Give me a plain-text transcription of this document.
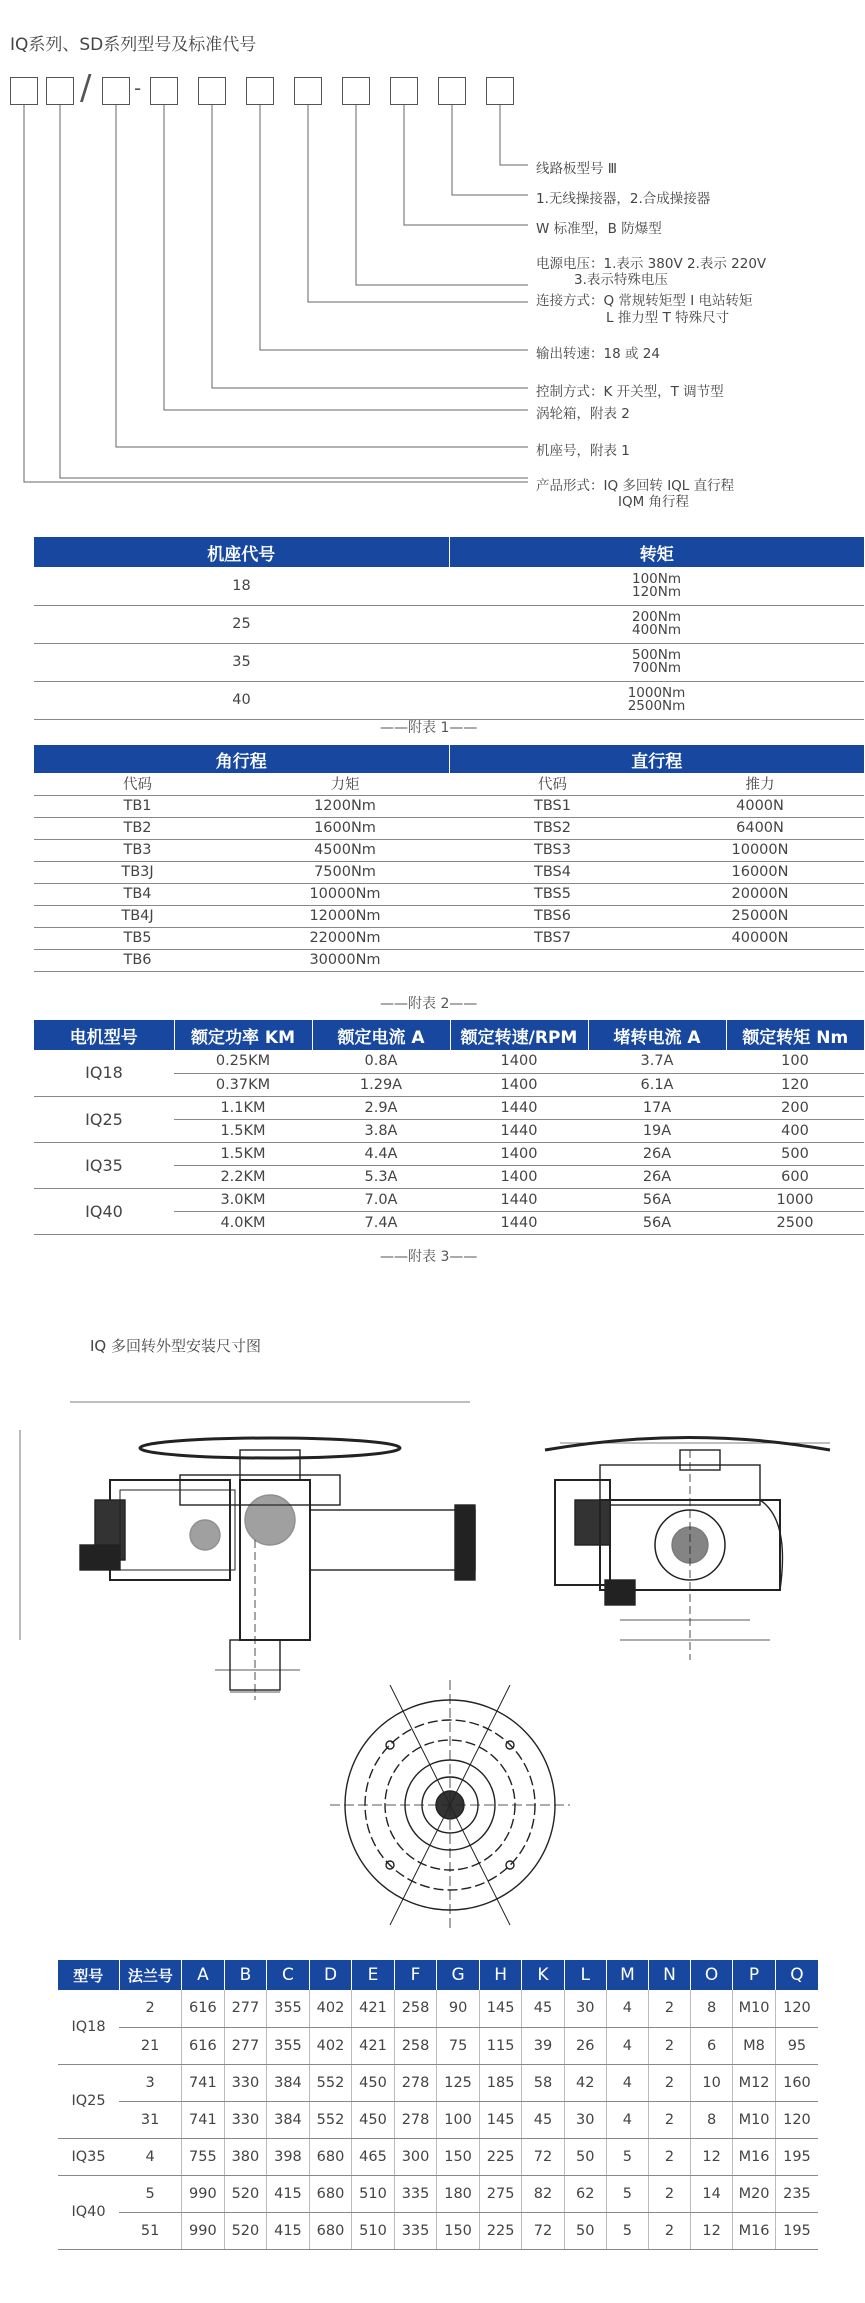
IQ系列、SD系列型号及标准代号
/ -
线路板型号 Ⅲ
1.无线操接器，2.合成操接器
W 标准型，B 防爆型
电源电压：1.表示 380V 2.表示 220V
3.表示特殊电压
连接方式：Q 常规转矩型 I 电站转矩
L 推力型 T 特殊尺寸
输出转速：18 或 24
控制方式：K 开关型，T 调节型
涡轮箱，附表 2
机座号，附表 1
产品形式：IQ 多回转 IQL 直行程
IQM 角行程
机座代号	转矩
18	100Nm
120Nm

25	200Nm
400Nm

35	500Nm
700Nm

40	1000Nm
2500Nm
——附表 1——
角行程		直行程	
代码	力矩	代码	推力
TB1	1200Nm	TBS1	4000N
TB2	1600Nm	TBS2	6400N
TB3	4500Nm	TBS3	10000N
TB3J	7500Nm	TBS4	16000N
TB4	10000Nm	TBS5	20000N
TB4J	12000Nm	TBS6	25000N
TB5	22000Nm	TBS7	40000N
TB6	30000Nm		
——附表 2——
电机型号	额定功率 KM	额定电流 A	额定转速/RPM	堵转电流 A	额定转矩 Nm
IQ18	0.25KM	0.8A	1400	3.7A	100
	0.37KM	1.29A	1400	6.1A	120
IQ25	1.1KM	2.9A	1440	17A	200
	1.5KM	3.8A	1440	19A	400
IQ35	1.5KM	4.4A	1400	26A	500
	2.2KM	5.3A	1400	26A	600
IQ40	3.0KM	7.0A	1440	56A	1000
	4.0KM	7.4A	1440	56A	2500
——附表 3——
IQ 多回转外型安装尺寸图
型号	法兰号	A	B	C	D	E	F	G	H	K	L	M	N	O	P	Q
IQ18	2	616	277	355	402	421	258	90	145	45	30	4	2	8	M10	120
	21	616	277	355	402	421	258	75	115	39	26	4	2	6	M8	95
IQ25	3	741	330	384	552	450	278	125	185	58	42	4	2	10	M12	160
	31	741	330	384	552	450	278	100	145	45	30	4	2	8	M10	120
IQ35	4	755	380	398	680	465	300	150	225	72	50	5	2	12	M16	195
IQ40	5	990	520	415	680	510	335	180	275	82	62	5	2	14	M20	235
	51	990	520	415	680	510	335	150	225	72	50	5	2	12	M16	195
